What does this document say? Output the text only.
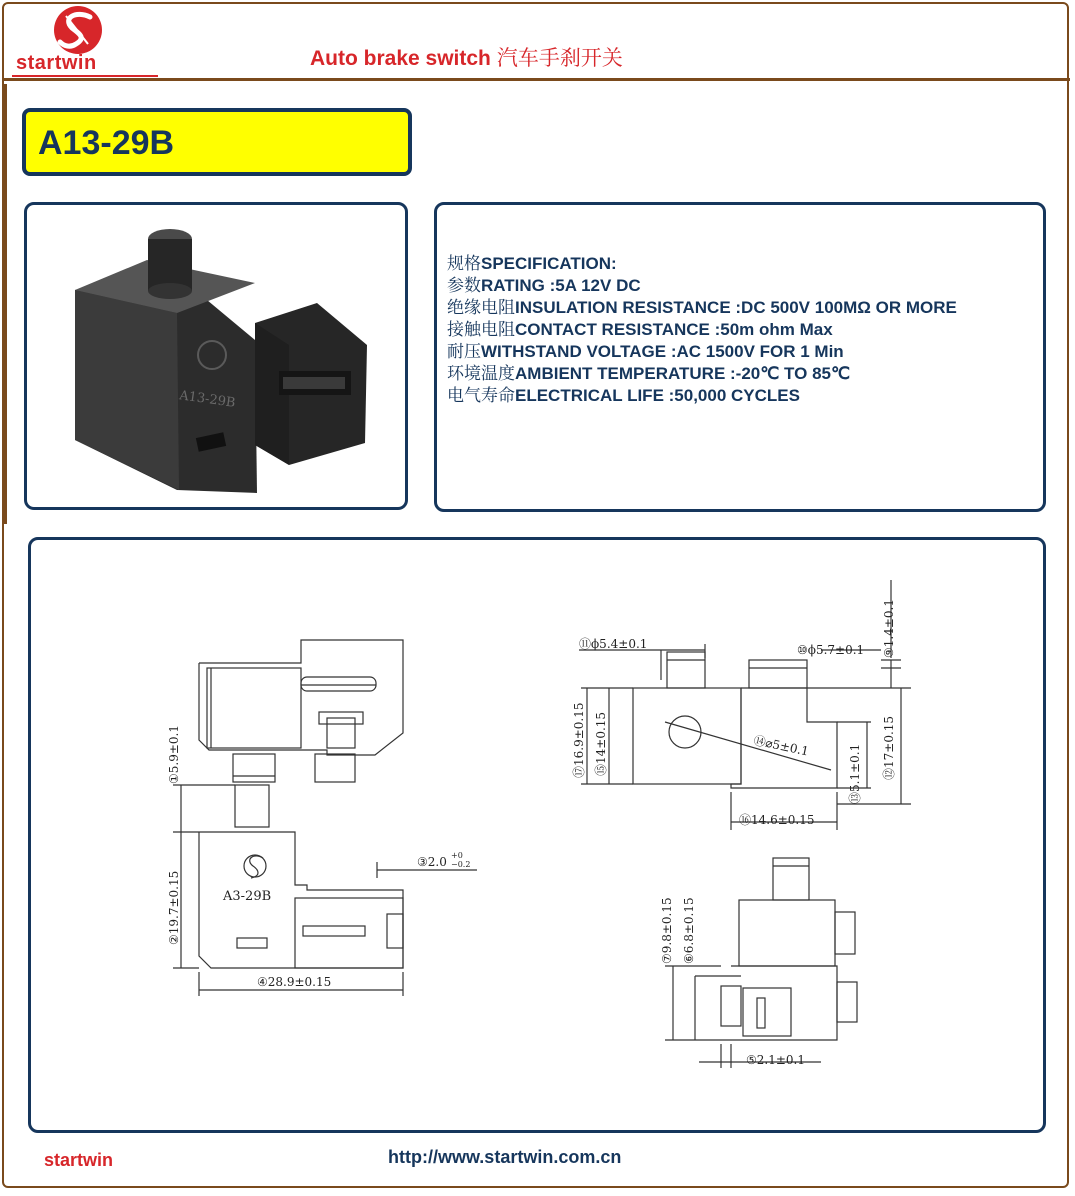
startwin	Auto brake switch 汽车手刹开关
A13-29B
A13-29B
规格SPECIFICATION:
参数RATING :5A 12V DC
绝缘电阻INSULATION RESISTANCE :DC 500V 100MΩ OR MORE
接触电阻CONTACT RESISTANCE :50m ohm Max
耐压WITHSTAND VOLTAGE :AC 1500V FOR 1 Min
环境温度AMBIENT TEMPERATURE :-20℃ TO 85℃
电气寿命ELECTRICAL LIFE :50,000 CYCLES
①5.9±0.1
②19.7±0.15
③2.0 +0
−0.2
④28.9±0.15
⑤2.1±0.1
⑥6.8±0.15
⑦9.8±0.15
⑨1.4±0.1
⑩ϕ5.7±0.1
⑪ϕ5.4±0.1
⑫17±0.15
⑬5.1±0.1
⑭⌀5±0.1
⑮14±0.15
⑯14.6±0.15
⑰16.9±0.15
A3-29B
startwin	http://www.startwin.com.cn
